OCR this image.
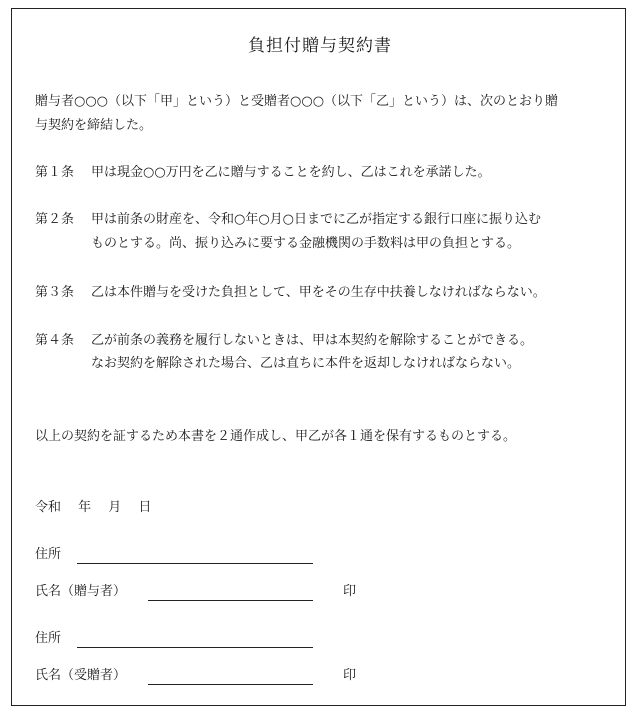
負担付贈与契約書
贈与者○○○（以下「甲」という）と受贈者○○○（以下「乙」という）は、次のとおり贈
与契約を締結した。
第１条 甲は現金○○万円を乙に贈与することを約し、乙はこれを承諾した。
第２条 甲は前条の財産を、令和○年○月○日までに乙が指定する銀行口座に振り込む
ものとする。尚、振り込みに要する金融機関の手数料は甲の負担とする。
第３条 乙は本件贈与を受けた負担として、甲をその生存中扶養しなければならない。
第４条 乙が前条の義務を履行しないときは、甲は本契約を解除することができる。
なお契約を解除された場合、乙は直ちに本件を返却しなければならない。
以上の契約を証するため本書を２通作成し、甲乙が各１通を保有するものとする。
令和　 年　 月　 日
住所
氏名（贈与者）	印
住所
氏名（受贈者）	印
